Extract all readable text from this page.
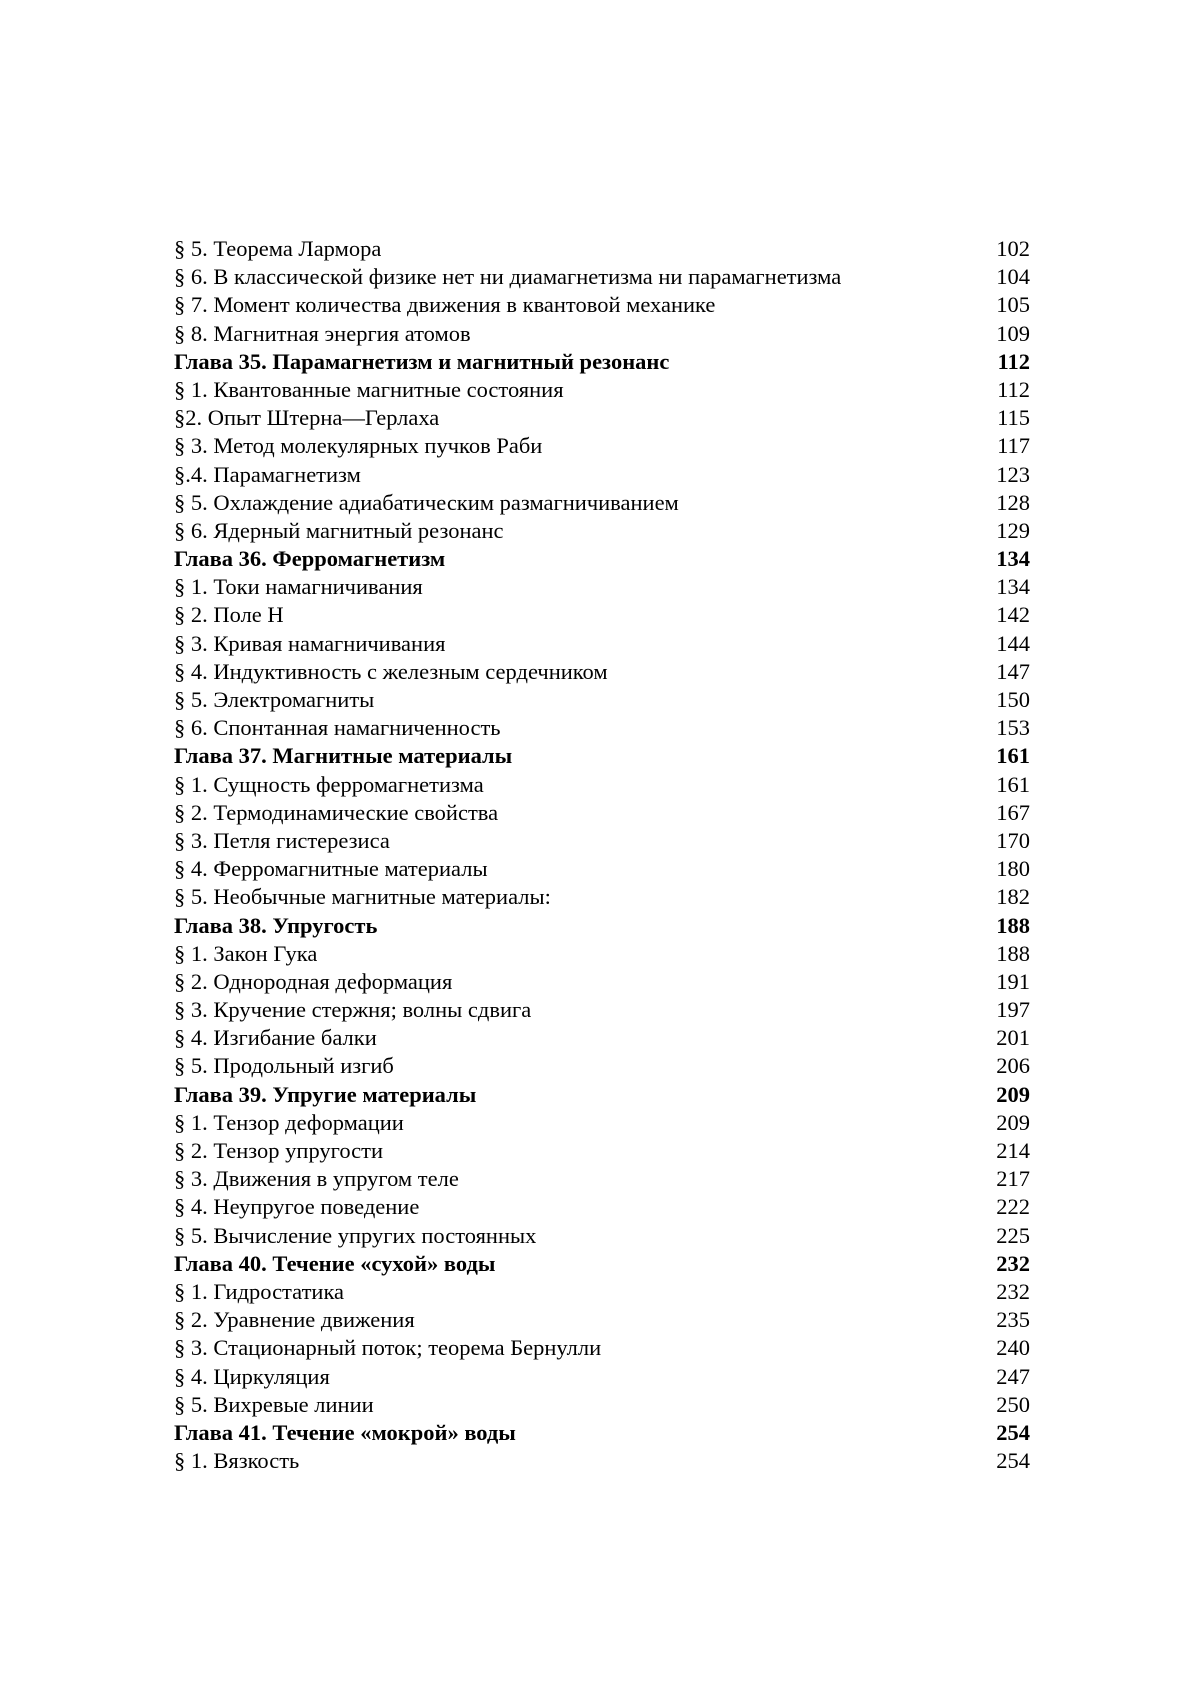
§ 5. Теорема Лармора	102
§ 6. В классической физике нет ни диамагнетизма ни парамагнетизма	104
§ 7. Момент количества движения в квантовой механике	105
§ 8. Магнитная энергия атомов	109
Глава 35. Парамагнетизм и магнитный резонанс	112
§ 1. Квантованные магнитные состояния	112
§2. Опыт Штерна—Герлаха	115
§ 3. Метод молекулярных пучков Раби	117
§.4. Парамагнетизм	123
§ 5. Охлаждение адиабатическим размагничиванием	128
§ 6. Ядерный магнитный резонанс	129
Глава 36. Ферромагнетизм	134
§ 1. Токи намагничивания	134
§ 2. Поле Н	142
§ 3. Кривая намагничивания	144
§ 4. Индуктивность с железным сердечником	147
§ 5. Электромагниты	150
§ 6. Спонтанная намагниченность	153
Глава 37. Магнитные материалы	161
§ 1. Сущность ферромагнетизма	161
§ 2. Термодинамические свойства	167
§ 3. Петля гистерезиса	170
§ 4. Ферромагнитные материалы	180
§ 5. Необычные магнитные материалы:	182
Глава 38. Упругость	188
§ 1. Закон Гука	188
§ 2. Однородная деформация	191
§ 3. Кручение стержня; волны сдвига	197
§ 4. Изгибание балки	201
§ 5. Продольный изгиб	206
Глава 39. Упругие материалы	209
§ 1. Тензор деформации	209
§ 2. Тензор упругости	214
§ 3. Движения в упругом теле	217
§ 4. Неупругое поведение	222
§ 5. Вычисление упругих постоянных	225
Глава 40. Течение «сухой» воды	232
§ 1. Гидростатика	232
§ 2. Уравнение движения	235
§ 3. Стационарный поток; теорема Бернулли	240
§ 4. Циркуляция	247
§ 5. Вихревые линии	250
Глава 41. Течение «мокрой» воды	254
§ 1. Вязкость	254
